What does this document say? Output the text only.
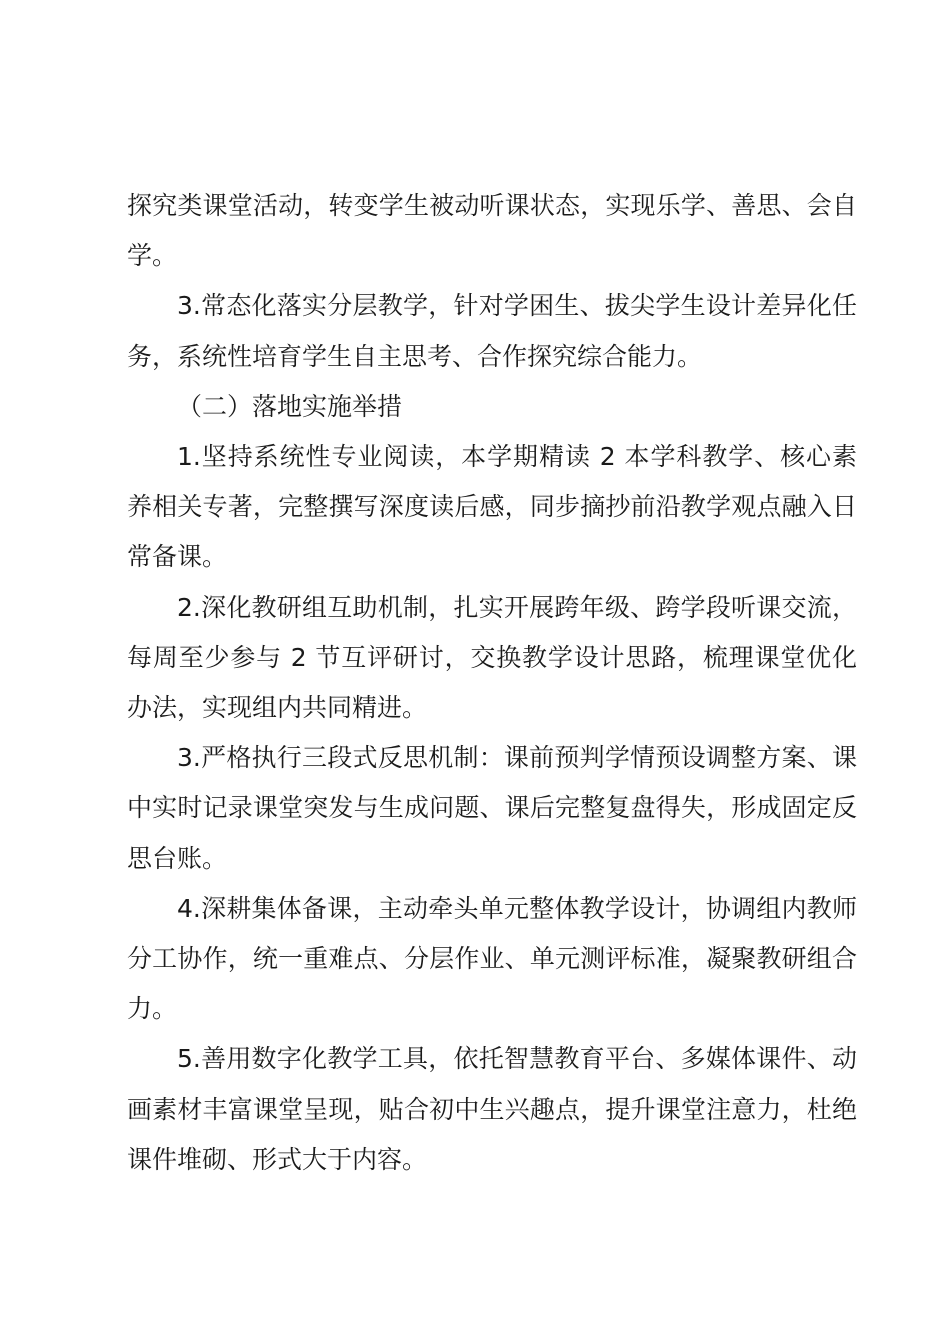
探究类课堂活动，转变学生被动听课状态，实现乐学、善思、会自学。

3.常态化落实分层教学，针对学困生、拔尖学生设计差异化任务，系统性培育学生自主思考、合作探究综合能力。

（二）落地实施举措

1.坚持系统性专业阅读，本学期精读 2 本学科教学、核心素养相关专著，完整撰写深度读后感，同步摘抄前沿教学观点融入日常备课。

2.深化教研组互助机制，扎实开展跨年级、跨学段听课交流，每周至少参与 2 节互评研讨，交换教学设计思路，梳理课堂优化办法，实现组内共同精进。

3.严格执行三段式反思机制：课前预判学情预设调整方案、课中实时记录课堂突发与生成问题、课后完整复盘得失，形成固定反思台账。

4.深耕集体备课，主动牵头单元整体教学设计，协调组内教师分工协作，统一重难点、分层作业、单元测评标准，凝聚教研组合力。

5.善用数字化教学工具，依托智慧教育平台、多媒体课件、动画素材丰富课堂呈现，贴合初中生兴趣点，提升课堂注意力，杜绝课件堆砌、形式大于内容。
